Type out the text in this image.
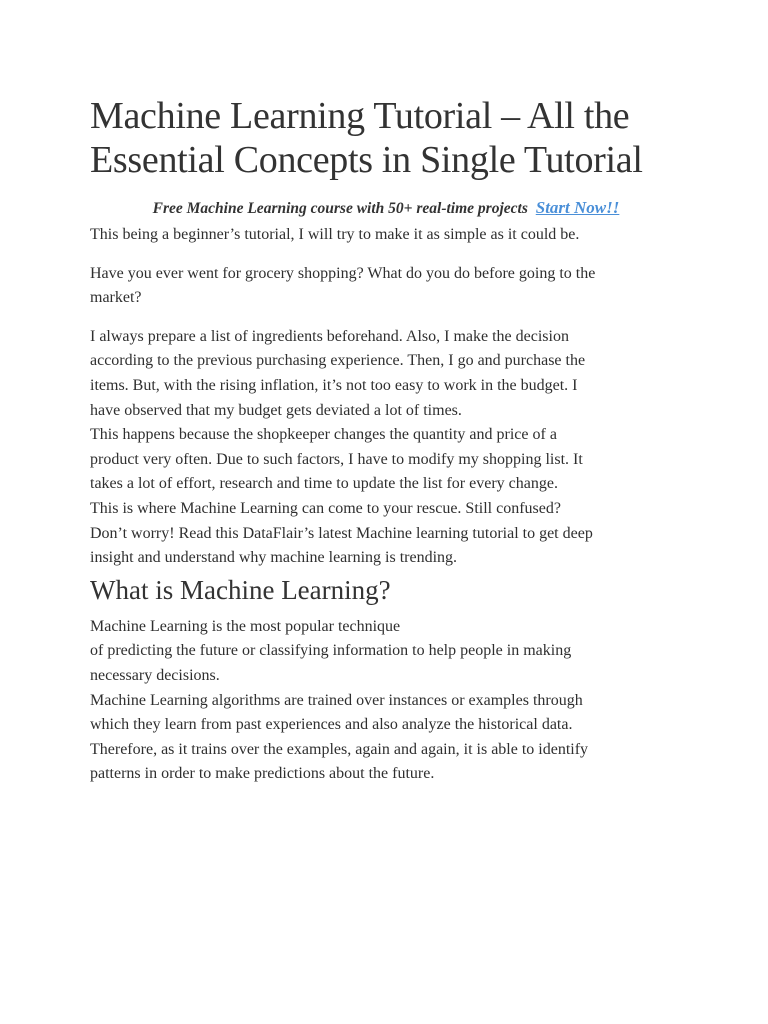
Machine Learning Tutorial – All the
Essential Concepts in Single Tutorial

Free Machine Learning course with 50+ real-time projects Start Now!!

This being a beginner’s tutorial, I will try to make it as simple as it could be.

Have you ever went for grocery shopping? What do you do before going to the
market?

I always prepare a list of ingredients beforehand. Also, I make the decision
according to the previous purchasing experience. Then, I go and purchase the
items. But, with the rising inflation, it’s not too easy to work in the budget. I
have observed that my budget gets deviated a lot of times.
This happens because the shopkeeper changes the quantity and price of a
product very often. Due to such factors, I have to modify my shopping list. It
takes a lot of effort, research and time to update the list for every change.
This is where Machine Learning can come to your rescue. Still confused?
Don’t worry! Read this DataFlair’s latest Machine learning tutorial to get deep
insight and understand why machine learning is trending.

What is Machine Learning?

Machine Learning is the most popular technique
of predicting the future or classifying information to help people in making
necessary decisions.
Machine Learning algorithms are trained over instances or examples through
which they learn from past experiences and also analyze the historical data.
Therefore, as it trains over the examples, again and again, it is able to identify
patterns in order to make predictions about the future.
